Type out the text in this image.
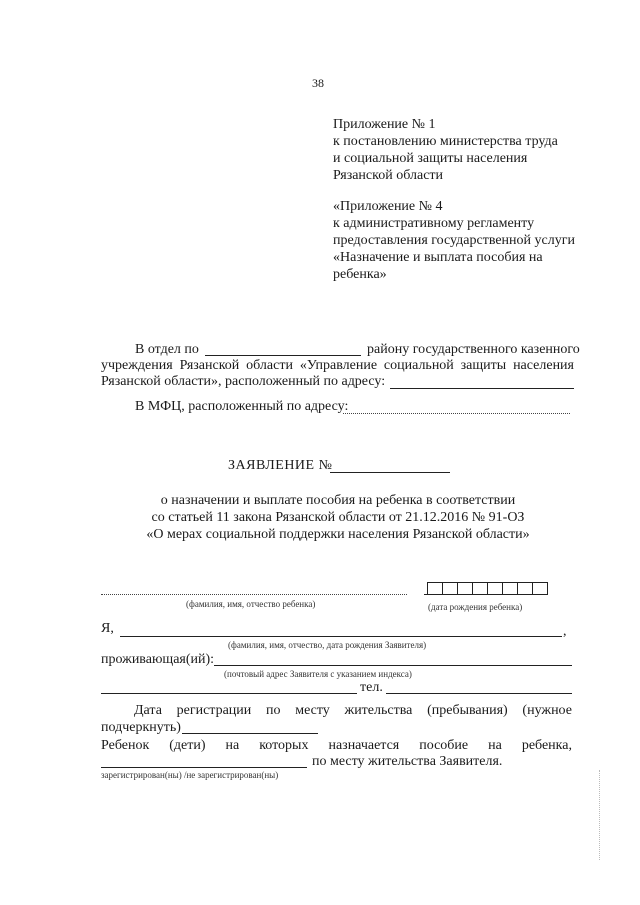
38
Приложение № 1
к постановлению министерства труда
и социальной защиты населения
Рязанской области
«Приложение № 4
к административному регламенту
предоставления государственной услуги
«Назначение и выплата пособия на
ребенка»
В отдел по	району государственного казенного
учреждения Рязанской области «Управление социальной защиты населения
Рязанской области», расположенный по адресу:
В МФЦ, расположенный по адресу:
ЗАЯВЛЕНИЕ №
о назначении и выплате пособия на ребенка в соответствии
со статьей 11 закона Рязанской области от 21.12.2016 № 91-ОЗ
«О мерах социальной поддержки населения Рязанской области»
(фамилия, имя, отчество ребенка)	(дата рождения ребенка)
Я,	,
(фамилия, имя, отчество, дата рождения Заявителя)
проживающая(ий):
(почтовый адрес Заявителя с указанием индекса)
тел.
Дата регистрации по месту жительства (пребывания) (нужное
подчеркнуть)
Ребенок (дети) на которых назначается пособие на ребенка,
по месту жительства Заявителя.
зарегистрирован(ны) /не зарегистрирован(ны)
